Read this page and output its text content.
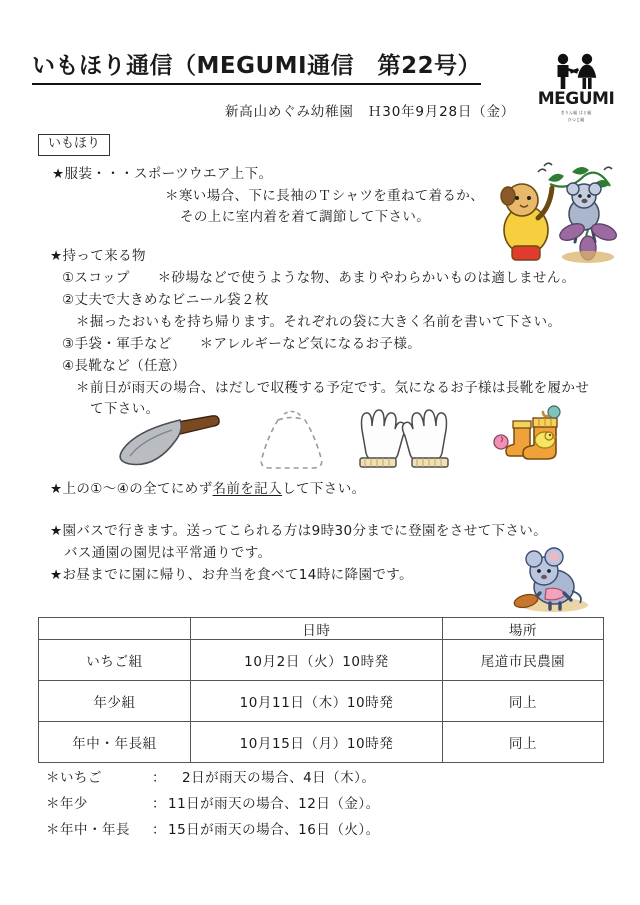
いもほり通信（MEGUMI通信　第22号）
新高山めぐみ幼稚園　Ｈ30年9月28日（金）
MEGUMI
きりん組 はと組
ひつじ組
いもほり
★服装・・・スポーツウエア上下。
＊寒い場合、下に長袖のＴシャツを重ねて着るか、
その上に室内着を着て調節して下さい。
★持って来る物
①スコップ　　＊砂場などで使うような物、あまりやわらかいものは適しません。
②丈夫で大きめなビニール袋２枚
＊掘ったおいもを持ち帰ります。それぞれの袋に大きく名前を書いて下さい。
③手袋・軍手など　　＊アレルギーなど気になるお子様。
④長靴など（任意）
＊前日が雨天の場合、はだしで収穫する予定です。気になるお子様は長靴を履かせ
て下さい。
★上の①～④の全てにめず名前を記入して下さい。
★園バスで行きます。送ってこられる方は9時30分までに登園をさせて下さい。
バス通園の園児は平常通りです。
★お昼までに園に帰り、お弁当を食べて14時に降園です。
	日時	場所
いちご組	10月2日（火）10時発	尾道市民農園
年少組	10月11日（木）10時発	同上
年中・年長組	10月15日（月）10時発	同上
＊いちご	：　2日が雨天の場合、4日（木）。
＊年少	： 11日が雨天の場合、12日（金）。
＊年中・年長 ： 15日が雨天の場合、16日（火）。
